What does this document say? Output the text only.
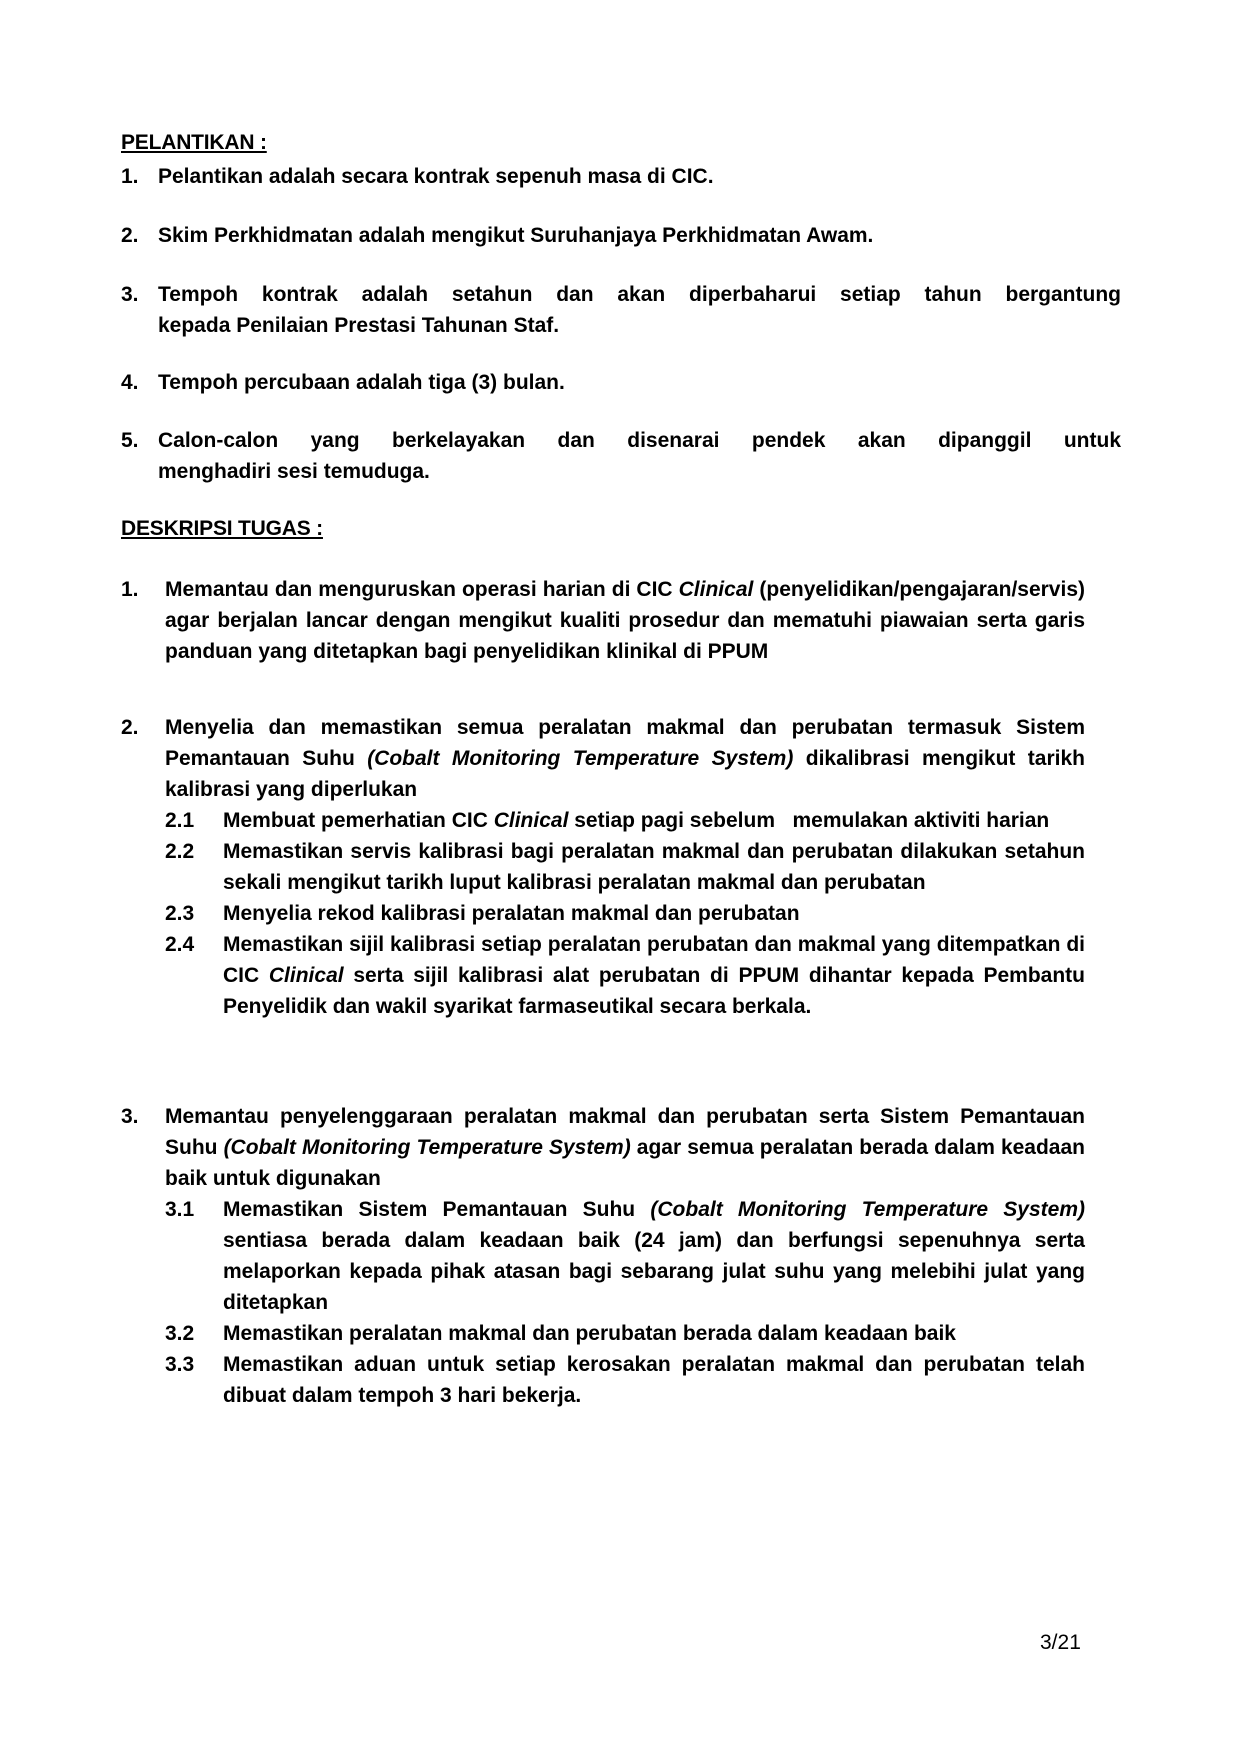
PELANTIKAN :
1. Pelantikan adalah secara kontrak sepenuh masa di CIC.
2. Skim Perkhidmatan adalah mengikut Suruhanjaya Perkhidmatan Awam.
3. Tempoh kontrak adalah setahun dan akan diperbaharui setiap tahun bergantung
kepada Penilaian Prestasi Tahunan Staf.
4. Tempoh percubaan adalah tiga (3) bulan.
5. Calon-calon yang berkelayakan dan disenarai pendek akan dipanggil untuk
menghadiri sesi temuduga.
DESKRIPSI TUGAS :
1. Memantau dan menguruskan operasi harian di CIC Clinical (penyelidikan/pengajaran/servis) agar berjalan lancar dengan mengikut kualiti prosedur dan mematuhi piawaian serta garis panduan yang ditetapkan bagi penyelidikan klinikal di PPUM
2. Menyelia dan memastikan semua peralatan makmal dan perubatan termasuk Sistem Pemantauan Suhu (Cobalt Monitoring Temperature System) dikalibrasi mengikut tarikh kalibrasi yang diperlukan
2.1 Membuat pemerhatian CIC Clinical setiap pagi sebelum   memulakan aktiviti harian
2.2 Memastikan servis kalibrasi bagi peralatan makmal dan perubatan dilakukan setahun sekali mengikut tarikh luput kalibrasi peralatan makmal dan perubatan
2.3 Menyelia rekod kalibrasi peralatan makmal dan perubatan
2.4 Memastikan sijil kalibrasi setiap peralatan perubatan dan makmal yang ditempatkan di CIC Clinical serta sijil kalibrasi alat perubatan di PPUM dihantar kepada Pembantu Penyelidik dan wakil syarikat farmaseutikal secara berkala.
3. Memantau penyelenggaraan peralatan makmal dan perubatan serta Sistem Pemantauan Suhu (Cobalt Monitoring Temperature System) agar semua peralatan berada dalam keadaan baik untuk digunakan
3.1 Memastikan Sistem Pemantauan Suhu (Cobalt Monitoring Temperature System) sentiasa berada dalam keadaan baik (24 jam) dan berfungsi sepenuhnya serta melaporkan kepada pihak atasan bagi sebarang julat suhu yang melebihi julat yang ditetapkan
3.2 Memastikan peralatan makmal dan perubatan berada dalam keadaan baik
3.3 Memastikan aduan untuk setiap kerosakan peralatan makmal dan perubatan telah dibuat dalam tempoh 3 hari bekerja.
3/21
